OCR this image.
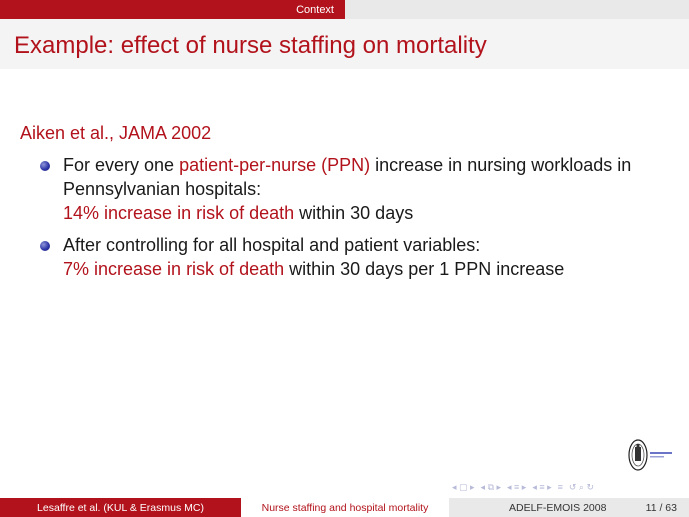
Context
Example: effect of nurse staffing on mortality
Aiken et al., JAMA 2002
For every one patient-per-nurse (PPN) increase in nursing workloads in Pennsylvanian hospitals:
14% increase in risk of death within 30 days
After controlling for all hospital and patient variables:
7% increase in risk of death within 30 days per 1 PPN increase
◂ ▢ ▸ ◂ ⧉ ▸ ◂ ≡ ▸ ◂ ≡ ▸ ≡ ↺ ⌕ ↻
Lesaffre et al. (KUL & Erasmus MC)	Nurse staffing and hospital mortality	ADELF-EMOIS 2008	11 / 63
